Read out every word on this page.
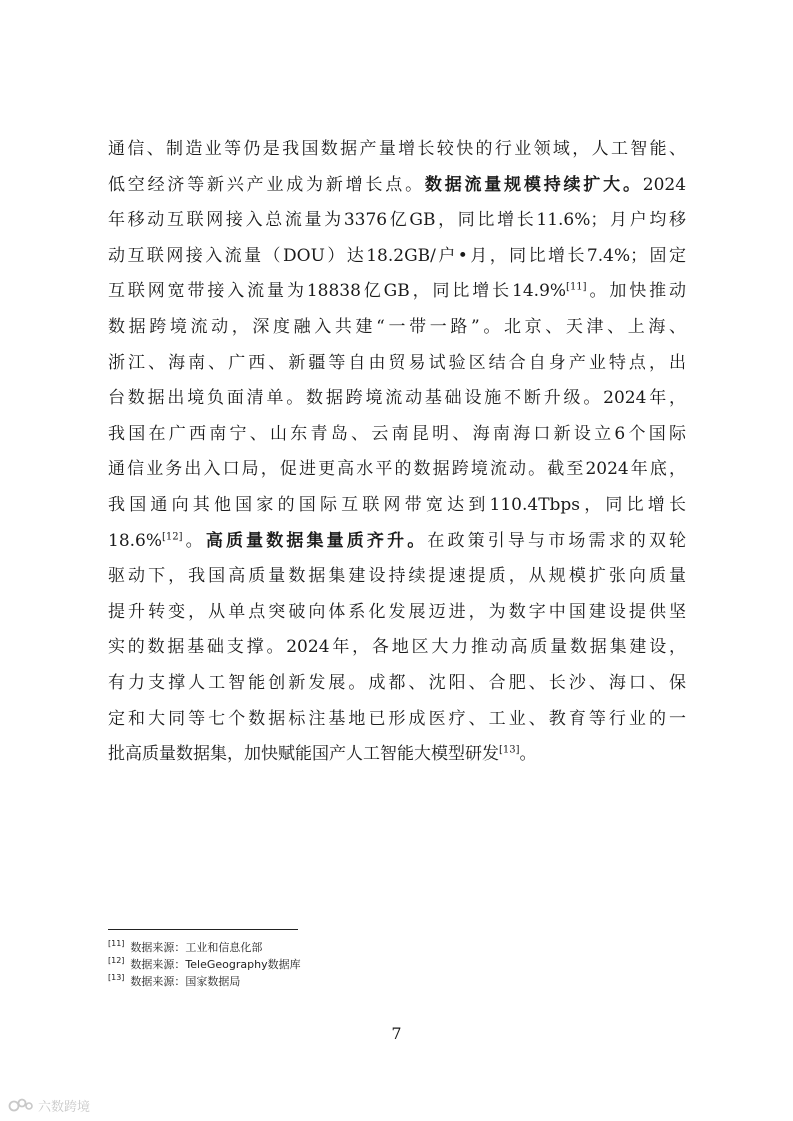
通信、制造业等仍是我国数据产量增长较快的行业领域，人工智能、
低空经济等新兴产业成为新增长点。数据流量规模持续扩大。2024
年移动互联网接入总流量为3376亿GB，同比增长11.6%；月户均移
动互联网接入流量（DOU）达18.2GB/户•月，同比增长7.4%；固定
互联网宽带接入流量为18838亿GB，同比增长14.9%[11]。加快推动
数据跨境流动，深度融入共建“一带一路”。北京、天津、上海、
浙江、海南、广西、新疆等自由贸易试验区结合自身产业特点，出
台数据出境负面清单。数据跨境流动基础设施不断升级。2024年，
我国在广西南宁、山东青岛、云南昆明、海南海口新设立6个国际
通信业务出入口局，促进更高水平的数据跨境流动。截至2024年底，
我国通向其他国家的国际互联网带宽达到110.4Tbps，同比增长
18.6%[12]。高质量数据集量质齐升。在政策引导与市场需求的双轮
驱动下，我国高质量数据集建设持续提速提质，从规模扩张向质量
提升转变，从单点突破向体系化发展迈进，为数字中国建设提供坚
实的数据基础支撑。2024年，各地区大力推动高质量数据集建设，
有力支撑人工智能创新发展。成都、沈阳、合肥、长沙、海口、保
定和大同等七个数据标注基地已形成医疗、工业、教育等行业的一
批高质量数据集，加快赋能国产人工智能大模型研发[13]。
[11] 数据来源：工业和信息化部
[12] 数据来源：TeleGeography数据库
[13] 数据来源：国家数据局
7
六数跨境
